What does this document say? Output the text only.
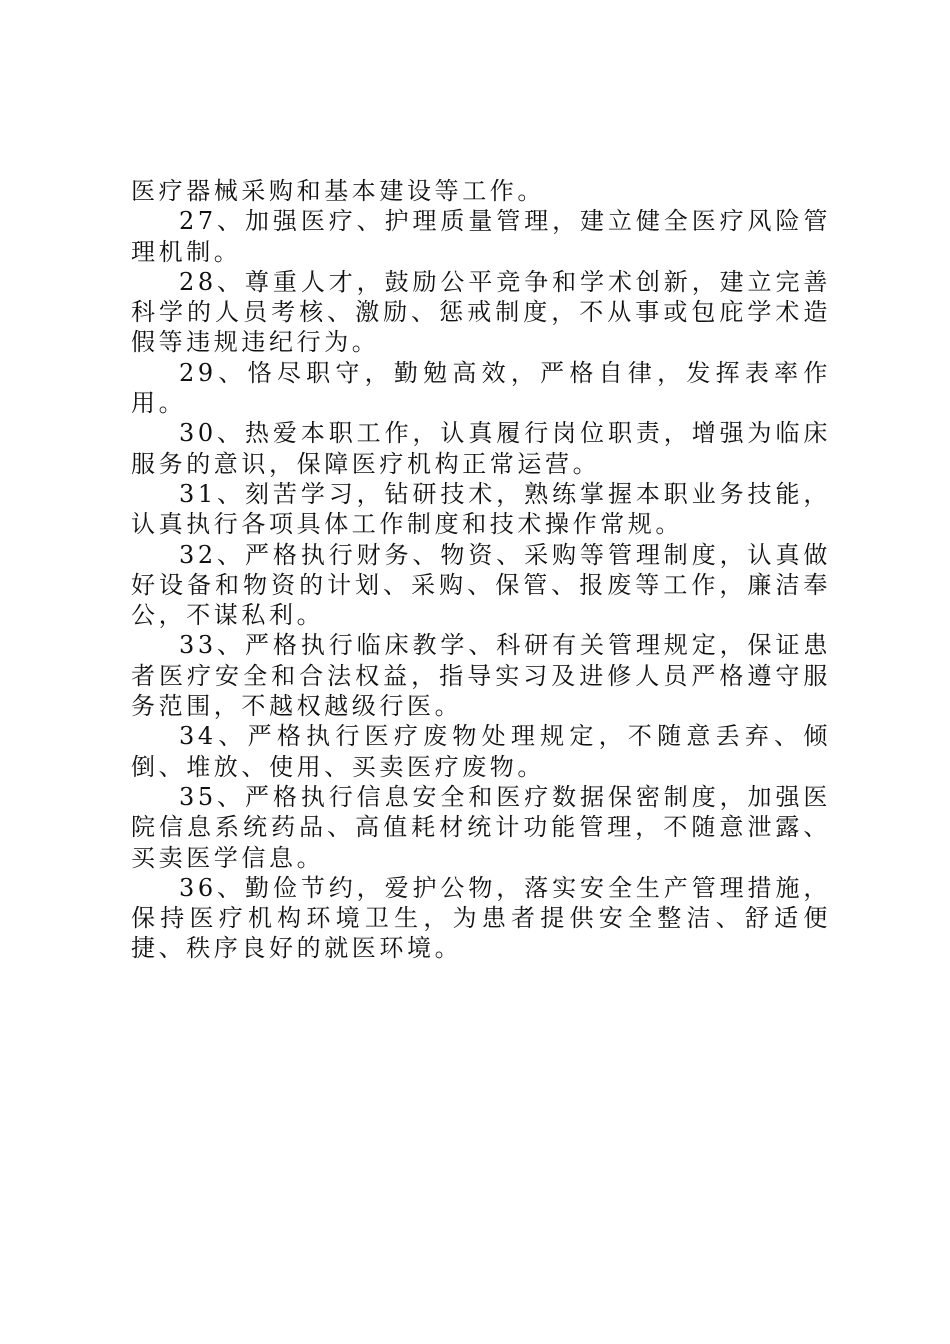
医疗器械采购和基本建设等工作。

27、加强医疗、护理质量管理，建立健全医疗风险管理机制。

28、尊重人才，鼓励公平竞争和学术创新，建立完善科学的人员考核、激励、惩戒制度，不从事或包庇学术造假等违规违纪行为。

29、恪尽职守，勤勉高效，严格自律，发挥表率作用。

30、热爱本职工作，认真履行岗位职责，增强为临床服务的意识，保障医疗机构正常运营。

31、刻苦学习，钻研技术，熟练掌握本职业务技能，认真执行各项具体工作制度和技术操作常规。

32、严格执行财务、物资、采购等管理制度，认真做好设备和物资的计划、采购、保管、报废等工作，廉洁奉公，不谋私利。

33、严格执行临床教学、科研有关管理规定，保证患者医疗安全和合法权益，指导实习及进修人员严格遵守服务范围，不越权越级行医。

34、严格执行医疗废物处理规定，不随意丢弃、倾倒、堆放、使用、买卖医疗废物。

35、严格执行信息安全和医疗数据保密制度，加强医院信息系统药品、高值耗材统计功能管理，不随意泄露、买卖医学信息。

36、勤俭节约，爱护公物，落实安全生产管理措施，保持医疗机构环境卫生，为患者提供安全整洁、舒适便捷、秩序良好的就医环境。
